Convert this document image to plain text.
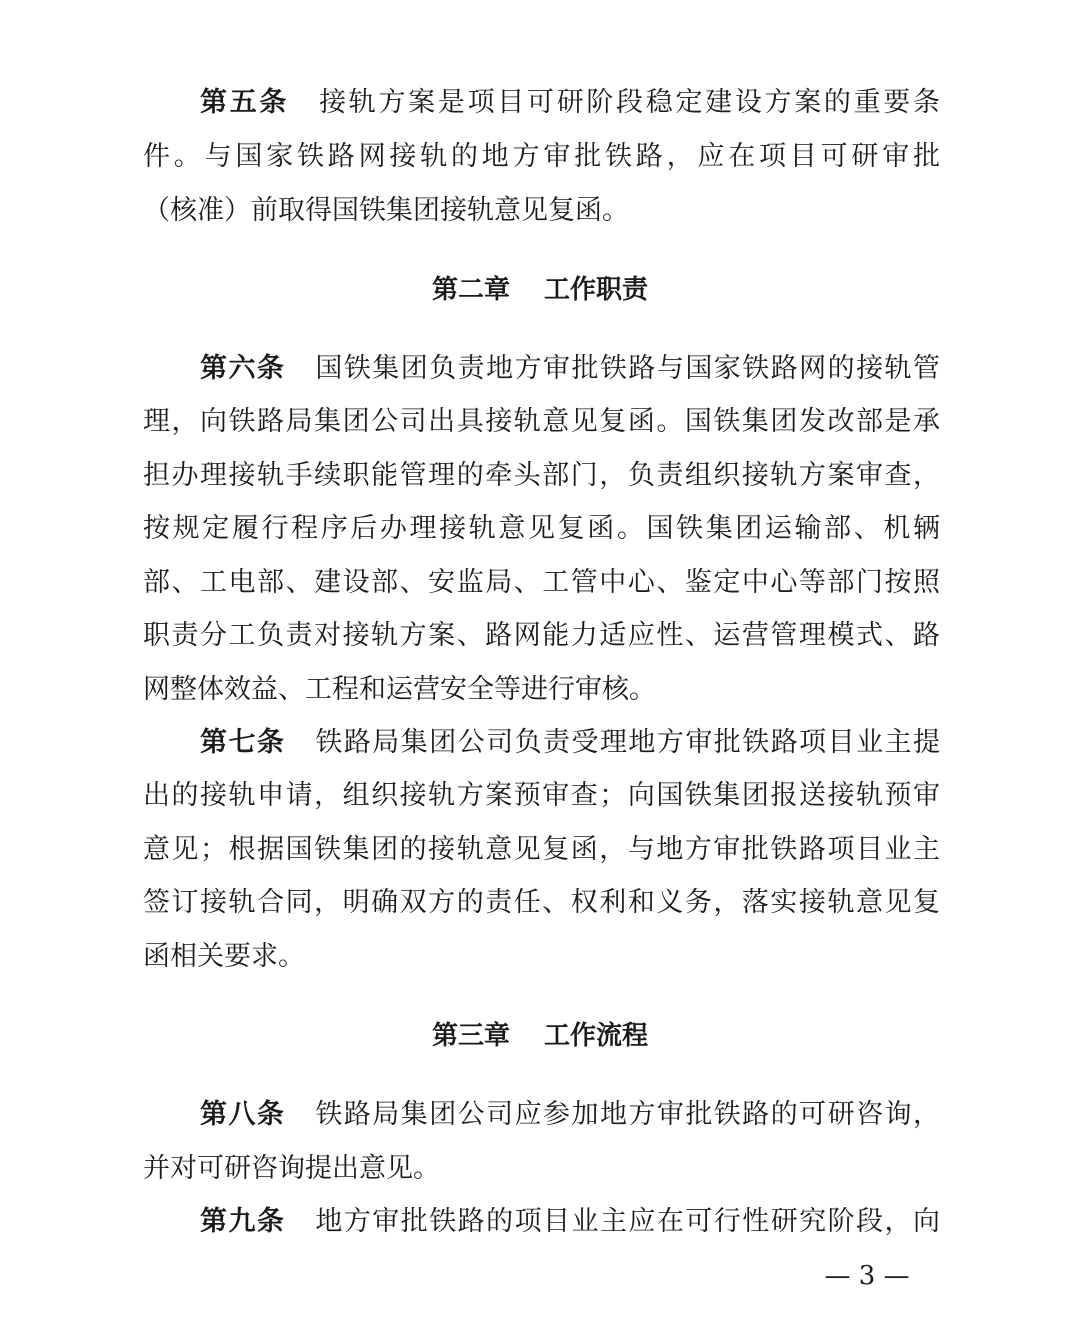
第五条 接轨方案是项目可研阶段稳定建设方案的重要条
件。与国家铁路网接轨的地方审批铁路，应在项目可研审批
（核准）前取得国铁集团接轨意见复函。
第二章 工作职责
第六条 国铁集团负责地方审批铁路与国家铁路网的接轨管
理，向铁路局集团公司出具接轨意见复函。国铁集团发改部是承
担办理接轨手续职能管理的牵头部门，负责组织接轨方案审查，
按规定履行程序后办理接轨意见复函。国铁集团运输部、机辆
部、工电部、建设部、安监局、工管中心、鉴定中心等部门按照
职责分工负责对接轨方案、路网能力适应性、运营管理模式、路
网整体效益、工程和运营安全等进行审核。
第七条 铁路局集团公司负责受理地方审批铁路项目业主提
出的接轨申请，组织接轨方案预审查；向国铁集团报送接轨预审
意见；根据国铁集团的接轨意见复函，与地方审批铁路项目业主
签订接轨合同，明确双方的责任、权利和义务，落实接轨意见复
函相关要求。
第三章 工作流程
第八条 铁路局集团公司应参加地方审批铁路的可研咨询，
并对可研咨询提出意见。
第九条 地方审批铁路的项目业主应在可行性研究阶段，向
— 3 —
